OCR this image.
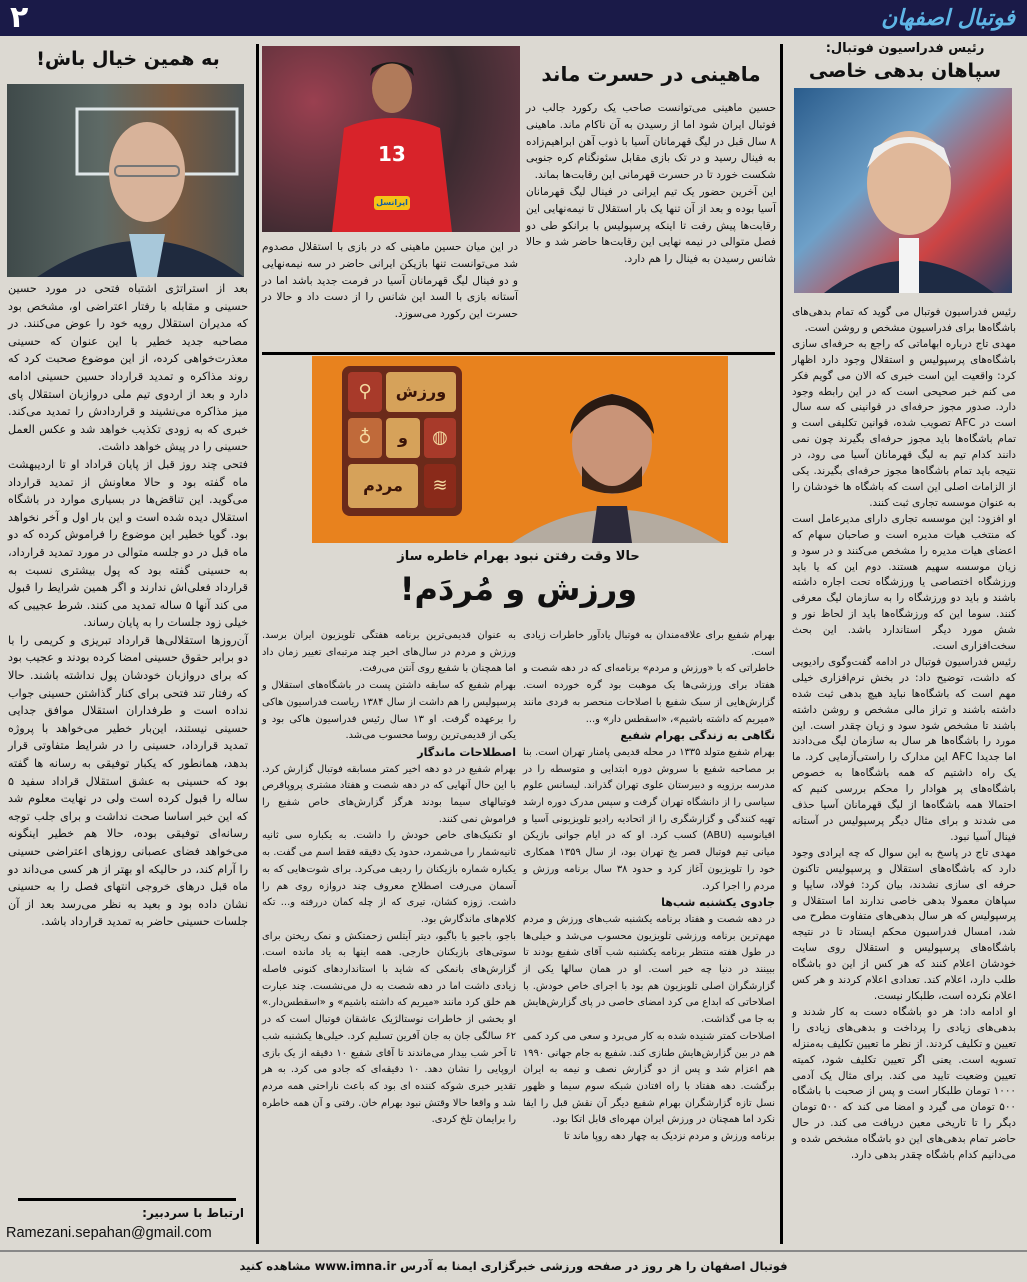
۲	فوتبال اصفهان
رئیس فدراسیون فوتبال:
سپاهان بدهی خاصی

رئیس فدراسیون فوتبال می گوید که تمام بدهی‌های باشگاه‌ها برای فدراسیون مشخص و روشن است.

مهدی تاج درباره ابهاماتی که راجع به حرفه‌ای سازی باشگاه‌های پرسپولیس و استقلال وجود دارد اظهار کرد: واقعیت این است خبری که الان می گویم فکر می کنم خبر صحیحی است که در این رابطه وجود دارد. صدور مجوز حرفه‌ای در قوانینی که سه سال است در AFC تصویب شده، قوانین تکلیفی است و تمام باشگاه‌ها باید مجوز حرفه‌ای بگیرند چون نمی دانند کدام تیم به لیگ قهرمانان آسیا می رود، در نتیجه باید تمام باشگاه‌ها مجوز حرفه‌ای بگیرند. یکی از الزامات اصلی این است که باشگاه ها خودشان را به عنوان موسسه تجاری ثبت کنند.

او افزود: این موسسه تجاری دارای مدیرعامل است که منتخب هیات مدیره است و صاحبان سهام که اعضای هیات مدیره را مشخص می‌کنند و در سود و زیان موسسه سهیم هستند. دوم این که یا باید ورزشگاه اختصاصی یا ورزشگاه تحت اجاره داشته باشند و باید دو ورزشگاه را به سازمان لیگ معرفی کنند. سوما این که ورزشگاه‌ها باید از لحاظ نور و شش مورد دیگر استاندارد باشد. این بحث سخت‌افزاری است.

رئیس فدراسیون فوتبال در ادامه گفت‌وگوی رادیویی که داشت، توضیح داد: در بخش نرم‌افزاری خیلی مهم است که باشگاه‌ها نباید هیچ بدهی ثبت شده داشته باشند و تراز مالی مشخص و روشن داشته باشند تا مشخص شود سود و زیان چقدر است. این مورد را باشگاه‌ها هر سال به سازمان لیگ می‌دادند اما جدیدا AFC این مدارک را راستی‌آزمایی کرد. ما یک راه داشتیم که همه باشگاه‌ها به خصوص باشگاه‌های پر هوادار را محکم بررسی کنیم که احتمالا همه باشگاه‌ها از لیگ قهرمانان آسیا حذف می شدند و برای مثال دیگر پرسپولیس در آستانه فینال آسیا نبود.

مهدی تاج در پاسخ به این سوال که چه ایرادی وجود دارد که باشگاه‌های استقلال و پرسپولیس تاکنون حرفه ای سازی نشدند، بیان کرد: فولاد، سایپا و سپاهان معمولا بدهی خاصی ندارند اما استقلال و پرسپولیس که هر سال بدهی‌های متفاوت مطرح می شد، امسال فدراسیون محکم ایستاد تا در نتیجه باشگاه‌های پرسپولیس و استقلال روی سایت خودشان اعلام کنند که هر کس از این دو باشگاه طلب دارد، اعلام کند. تعدادی اعلام کردند و هر کس اعلام نکرده است، طلبکار نیست.

او ادامه داد: هر دو باشگاه دست به کار شدند و بدهی‌های زیادی را پرداخت و بدهی‌های زیادی را تعیین و تکلیف کردند. از نظر ما تعیین تکلیف به‌منزله تسویه است. یعنی اگر تعیین تکلیف شود، کمیته تعیین وضعیت تایید می کند. برای مثال یک آدمی ۱۰۰۰ تومان طلبکار است و پس از صحبت با باشگاه ۵۰۰ تومان می گیرد و امضا می کند که ۵۰۰ تومان دیگر را تا تاریخی معین دریافت می کند. در حال حاضر تمام بدهی‌های این دو باشگاه مشخص شده و می‌دانیم کدام باشگاه چقدر بدهی دارد.

13
ایرانسل
ماهینی در حسرت ماند

حسین ماهینی می‌توانست صاحب یک رکورد جالب در فوتبال ایران شود اما از رسیدن به آن ناکام ماند. ماهینی ۸ سال قبل در لیگ قهرمانان آسیا با ذوب آهن ابراهیم‌زاده به فینال رسید و در تک بازی مقابل سئونگنام کره جنوبی شکست خورد تا در حسرت قهرمانی این رقابت‌ها بماند.

این آخرین حضور یک تیم ایرانی در فینال لیگ قهرمانان آسیا بوده و بعد از آن تنها یک بار استقلال تا نیمه‌نهایی این رقابت‌ها پیش رفت تا اینکه پرسپولیس با برانکو طی دو فصل متوالی در نیمه نهایی این رقابت‌ها حاضر شد و حالا شانس رسیدن به فینال را هم دارد.

در این میان حسین ماهینی که در بازی با استقلال مصدوم شد می‌توانست تنها بازیکن ایرانی حاضر در سه نیمه‌نهایی و دو فینال لیگ قهرمانان آسیا در فرمت جدید باشد اما در آستانه بازی با السد این شانس را از دست داد و حالا در حسرت این رکورد می‌سوزد.

ورزش
و
مردم
⚲
♁	◍
≋
حالا وقت رفتن نبود بهرام خاطره ساز
ورزش و مُردَم!

بهرام شفیع برای علاقه‌مندان به فوتبال یادآور خاطرات زیادی است.

خاطراتی که با «ورزش و مردم» برنامه‌ای که در دهه شصت و هفتاد برای ورزشی‌ها یک موهبت بود گره خورده است. گزارش‌هایی از سبک شفیع با اصلاحات منحصر به فردی مانند «میریم که داشته باشیم»، «اسقطس دار» و...

نگاهی به زندگی بهرام شفیع

بهرام شفیع متولد ۱۳۳۵ در محله قدیمی پامنار تهران است. بنا بر مصاحبه شفیع با سروش دوره ابتدایی و متوسطه را در مدرسه برزویه و دبیرستان علوی تهران گذراند. لیسانس علوم سیاسی را از دانشگاه تهران گرفت و سپس مدرک دوره ارشد تهیه کنندگی و گزارشگری را از اتحادیه رادیو تلویزیونی آسیا و اقیانوسیه (ABU) کسب کرد. او که در ایام جوانی بازیکن میانی تیم فوتبال قصر یخ تهران بود، از سال ۱۳۵۹ همکاری خود را تلویزیون آغاز کرد و حدود ۳۸ سال برنامه ورزش و مردم را اجرا کرد.

جادوی یکشنبه شب‌ها

در دهه شصت و هفتاد برنامه یکشنبه شب‌های ورزش و مردم مهم‌ترین برنامه ورزشی تلویزیون محسوب می‌شد و خیلی‌ها در طول هفته منتظر برنامه یکشنبه شب آقای شفیع بودند تا ببینند در دنیا چه خبر است. او در همان سالها یکی از گزارشگران اصلی تلویزیون هم بود با اجرای خاص خودش. با اصلاحاتی که ابداع می کرد امضای خاصی در پای گزارش‌هایش به جا می گذاشت.

اصلاحات کمتر شنیده شده به کار می‌برد و سعی می کرد کمی هم در بین گزارش‌هایش طنازی کند. شفیع به جام جهانی ۱۹۹۰ هم اعزام شد و پس از دو گزارش نصف و نیمه به ایران برگشت. دهه هفتاد با راه افتادن شبکه سوم سیما و ظهور نسل تازه گزارشگران بهرام شفیع دیگر آن نقش قبل را ایفا نکرد اما همچنان در ورزش ایران مهره‌ای قابل اتکا بود.

برنامه ورزش و مردم نزدیک به چهار دهه روپا ماند تا

به عنوان قدیمی‌ترین برنامه هفتگی تلویزیون ایران برسد. ورزش و مردم در سال‌های اخیر چند مرتبه‌ای تغییر زمان داد اما همچنان با شفیع روی آنتن می‌رفت.

بهرام شفیع که سابقه داشتن پست در باشگاه‌های استقلال و پرسپولیس را هم داشت از سال ۱۳۸۴ ریاست فدراسیون هاکی را برعهده گرفت. او ۱۳ سال رئیس فدراسیون هاکی بود و یکی از قدیمی‌ترین روسا محسوب می‌شد.

اصطلاحات ماندگار

بهرام شفیع در دو دهه اخیر کمتر مسابقه فوتبال گزارش کرد. با این حال آنهایی که در دهه شصت و هفتاد مشتری پروپاقرص فوتبالهای سیما بودند هرگز گزارش‌های خاص شفیع را فراموش نمی کنند.

او تکنیک‌های خاص خودش را داشت. به یکباره سی ثانیه ثانیه‌شمار را می‌شمرد، حدود یک دقیقه فقط اسم می گفت. به یکباره شماره بازیکنان را ردیف می‌کرد. برای شوت‌هایی که به آسمان می‌رفت اصطلاح معروف چند دروازه روی هم را داشت. زوزه کشان، تیری که از چله کمان دررفته و... تکه کلام‌های ماندگارش بود.

باجو، باجیو یا باگیو، دیتر آیتلس زحمتکش و نمک ریختن برای سوتی‌های بازیکنان خارجی. همه اینها به یاد مانده است. گزارش‌های بانمکی که شاید با استانداردهای کنونی فاصله زیادی داشت اما در دهه شصت به دل می‌نشست. چند عبارت هم خلق کرد مانند «میریم که داشته باشیم» و «اسقطس‌دار.» او بخشی از خاطرات نوستالژیک عاشقان فوتبال است که در ۶۲ سالگی جان به جان آفرین تسلیم کرد. خیلی‌ها یکشنبه شب تا آخر شب بیدار می‌ماندند تا آقای شفیع ۱۰ دقیقه از یک بازی اروپایی را نشان دهد. ۱۰ دقیقه‌ای که جادو می کرد. به هر تقدیر خبری شوکه کننده ای بود که باعث ناراحتی همه مردم شد و واقعا حالا وقتش نبود بهرام خان. رفتی و آن همه خاطره را برایمان تلخ کردی.

به همین خیال باش!

بعد از استراتژی اشتباه فتحی در مورد حسین حسینی و مقابله با رفتار اعتراضی او، مشخص بود که مدیران استقلال رویه خود را عوض می‌کنند. در مصاحبه جدید خطیر با این عنوان که حسینی معذرت‌خواهی کرده، از این موضوع صحبت کرد که روند مذاکره و تمدید قرارداد حسین حسینی ادامه دارد و بعد از اردوی تیم ملی دروازبان استقلال پای میز مذاکره می‌نشیند و قراردادش را تمدید می‌کند. خبری که به زودی تکذیب خواهد شد و عکس العمل حسینی را در پیش خواهد داشت.

فتحی چند روز قبل از پایان قراداد او تا اردیبهشت ماه گفته بود و حالا معاونش از تمدید قرارداد می‌گوید. این تناقض‌ها در بسیاری موارد در باشگاه استقلال دیده شده است و این بار اول و آخر نخواهد بود. گویا خطیر این موضوع را فراموش کرده که دو ماه قبل در دو جلسه متوالی در مورد تمدید قرارداد، به حسینی گفته بود که پول بیشتری نسبت به قرارداد فعلی‌اش ندارند و اگر همین شرایط را قبول می کند آنها ۵ ساله تمدید می کنند. شرط عجیبی که خیلی زود جلسات را به پایان رساند.

آن‌روزها استقلالی‌ها قرارداد تبریزی و کریمی را با دو برابر حقوق حسینی امضا کرده بودند و عجیب بود که برای دروازبان خودشان پول نداشته باشند. حالا که رفتار تند فتحی برای کنار گذاشتن حسینی جواب نداده است و طرفداران استقلال موافق جدایی حسینی نیستند، این‌بار خطیر می‌خواهد با پروژه تمدید قرارداد، حسینی را در شرایط متفاوتی قرار بدهد، همانطور که یکبار توفیقی به رسانه ها گفته بود که حسینی به عشق استقلال قراداد سفید ۵ ساله را قبول کرده است ولی در نهایت معلوم شد که این خبر اساسا صحت نداشت و برای جلب توجه رسانه‌ای توفیقی بوده، حالا هم خطیر اینگونه می‌خواهد فضای عصبانی روزهای اعتراضی حسینی را آرام کند، در حالیکه او بهتر از هر کسی می‌داند دو ماه قبل درهای خروجی انتهای فصل را به حسینی نشان داده بود و بعید به نظر می‌رسد بعد از آن جلسات حسینی حاضر به تمدید قرارداد باشد.

ارتباط با سردبیر:
Ramezani.sepahan@gmail.com
فوتبال اصفهان را هر روز در صفحه ورزشی خبرگزاری ایمنا به آدرس www.imna.ir مشاهده کنید
